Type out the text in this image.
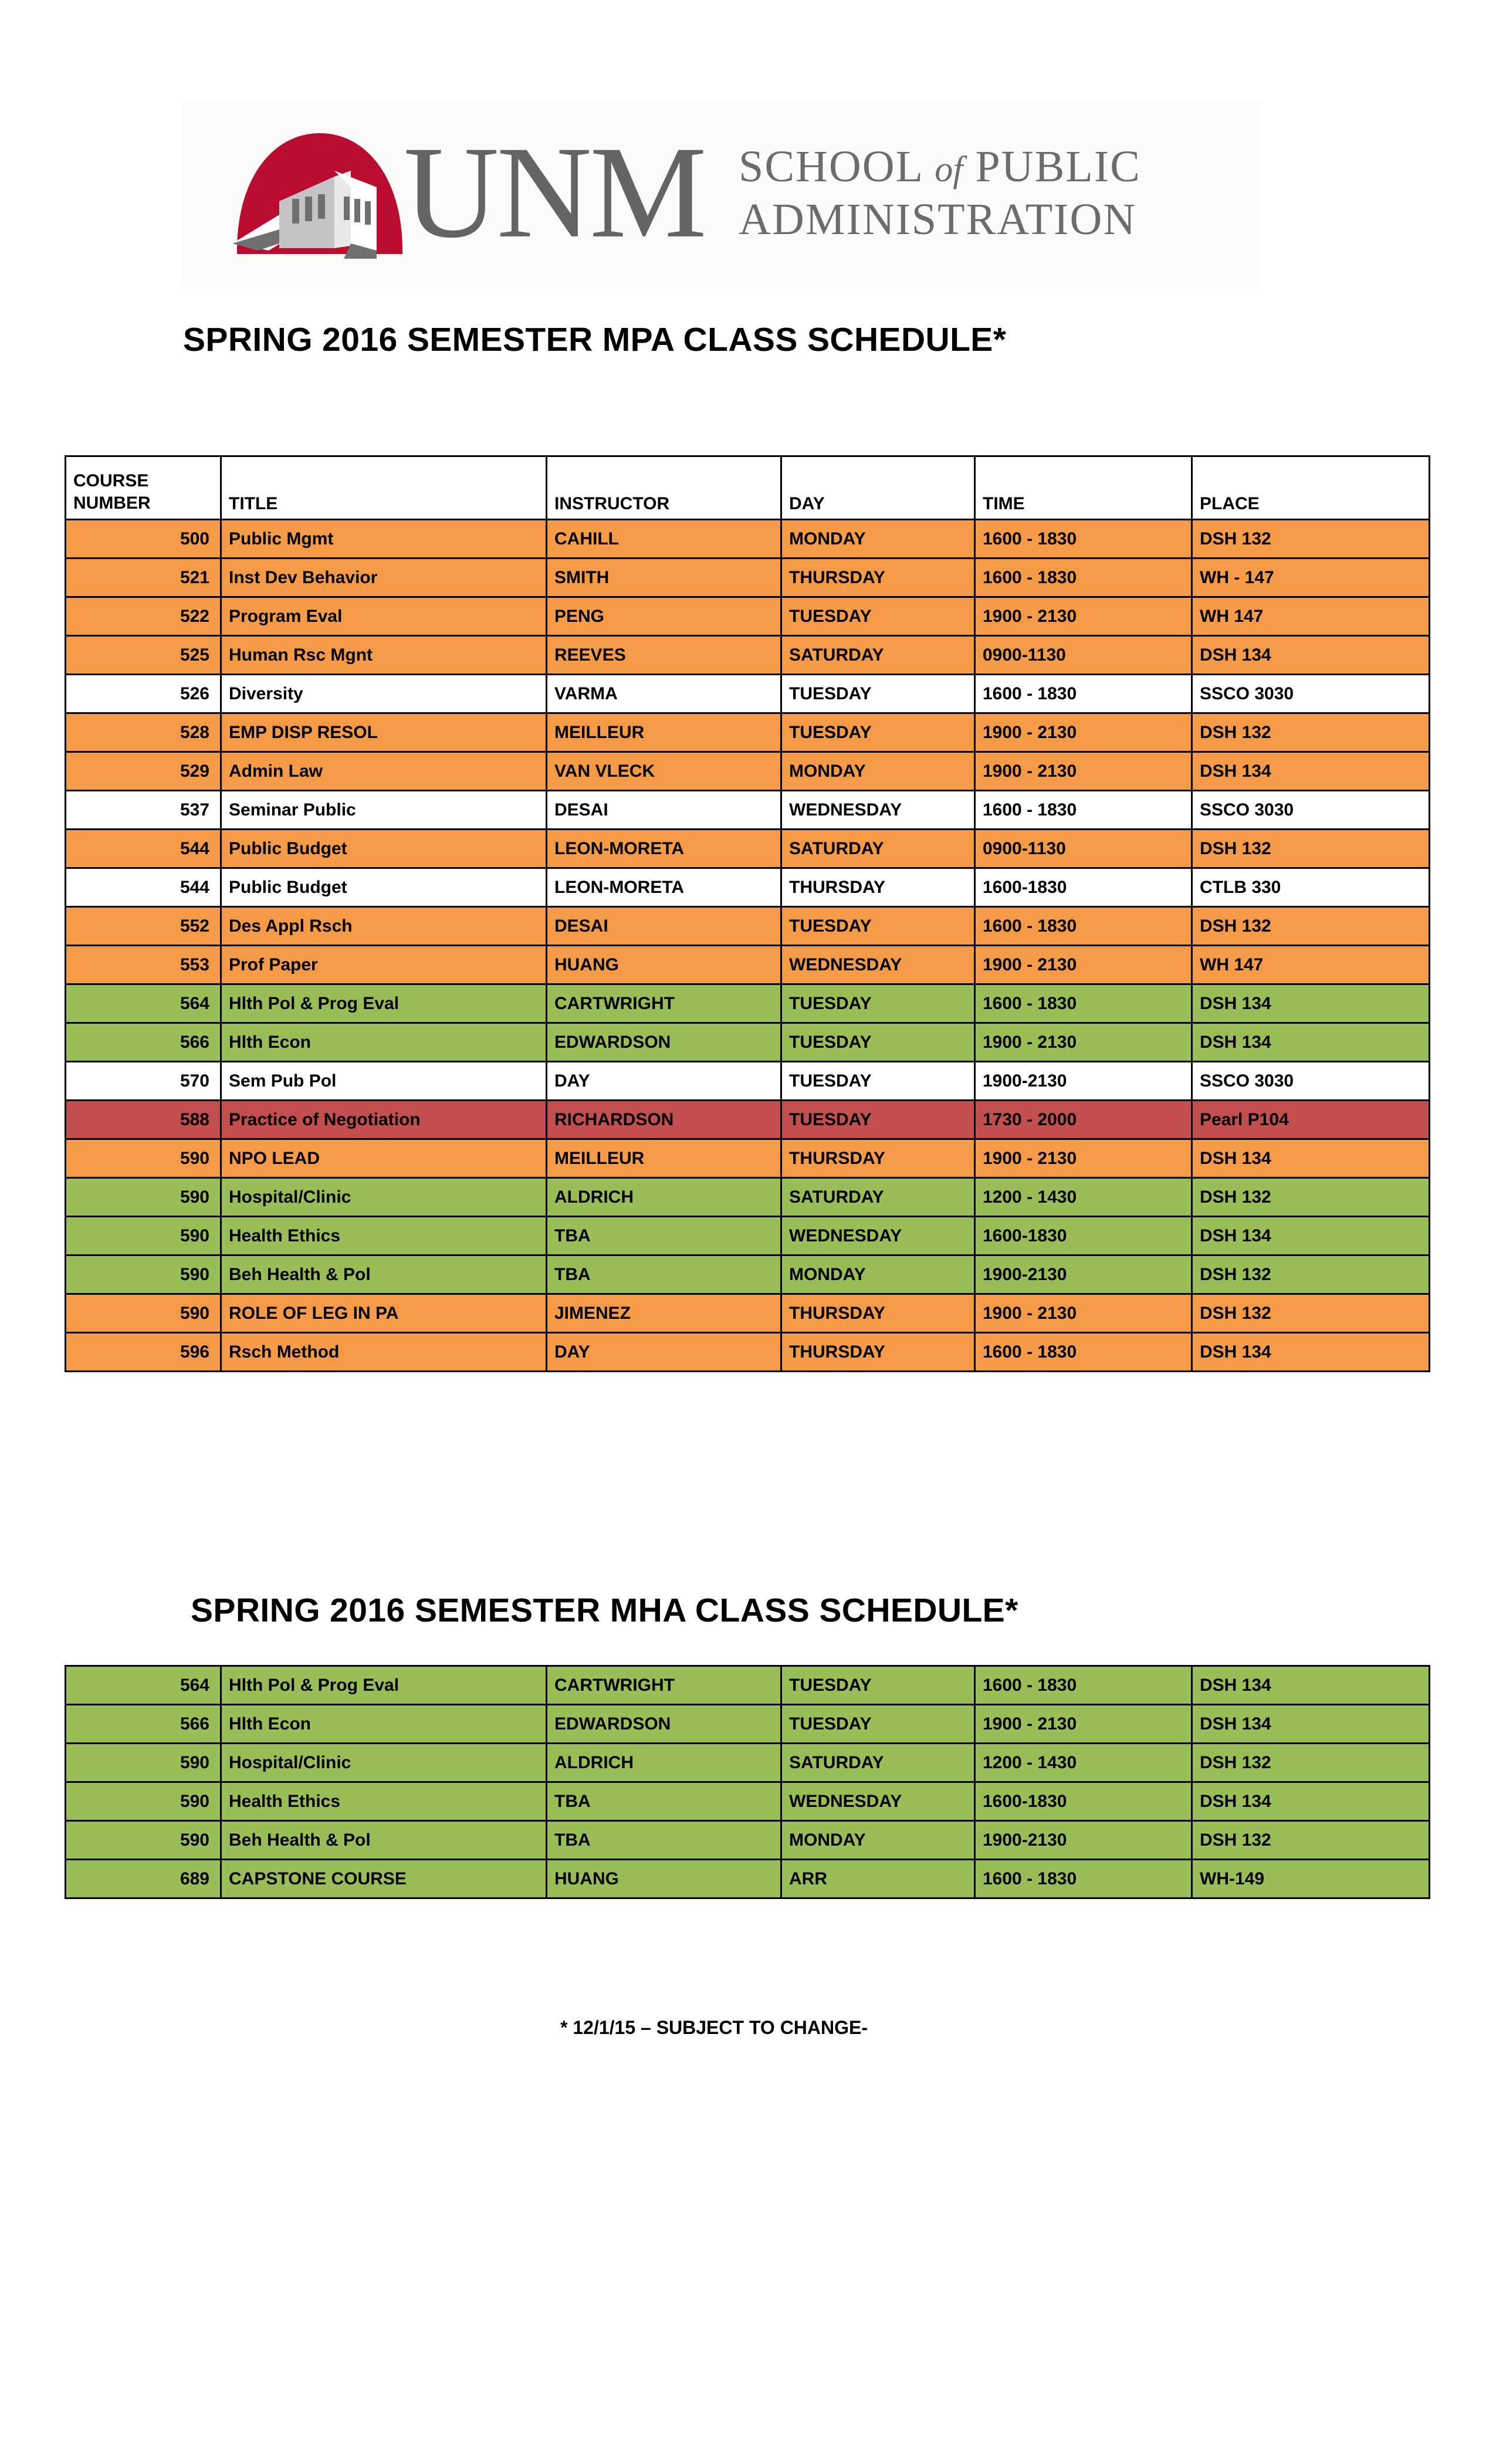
UNM SCHOOL of PUBLIC
ADMINISTRATION
SPRING 2016 SEMESTER MPA CLASS SCHEDULE*
COURSE
NUMBER	TITLE	INSTRUCTOR	DAY	TIME	PLACE
500	Public Mgmt	CAHILL	MONDAY	1600 - 1830	DSH 132
521	Inst Dev Behavior	SMITH	THURSDAY	1600 - 1830	WH - 147
522	Program Eval	PENG	TUESDAY	1900 - 2130	WH 147
525	Human Rsc Mgnt	REEVES	SATURDAY	0900-1130	DSH 134
526	Diversity	VARMA	TUESDAY	1600 - 1830	SSCO 3030
528	EMP DISP RESOL	MEILLEUR	TUESDAY	1900 - 2130	DSH 132
529	Admin Law	VAN VLECK	MONDAY	1900 - 2130	DSH 134
537	Seminar Public	DESAI	WEDNESDAY	1600 - 1830	SSCO 3030
544	Public Budget	LEON-MORETA	SATURDAY	0900-1130	DSH 132
544	Public Budget	LEON-MORETA	THURSDAY	1600-1830	CTLB 330
552	Des Appl Rsch	DESAI	TUESDAY	1600 - 1830	DSH 132
553	Prof Paper	HUANG	WEDNESDAY	1900 - 2130	WH 147
564	Hlth Pol & Prog Eval	CARTWRIGHT	TUESDAY	1600 - 1830	DSH 134
566	Hlth Econ	EDWARDSON	TUESDAY	1900 - 2130	DSH 134
570	Sem Pub Pol	DAY	TUESDAY	1900-2130	SSCO 3030
588	Practice of Negotiation	RICHARDSON	TUESDAY	1730 - 2000	Pearl P104
590	NPO LEAD	MEILLEUR	THURSDAY	1900 - 2130	DSH 134
590	Hospital/Clinic	ALDRICH	SATURDAY	1200 - 1430	DSH 132
590	Health Ethics	TBA	WEDNESDAY	1600-1830	DSH 134
590	Beh Health & Pol	TBA	MONDAY	1900-2130	DSH 132
590	ROLE OF LEG IN PA	JIMENEZ	THURSDAY	1900 - 2130	DSH 132
596	Rsch Method	DAY	THURSDAY	1600 - 1830	DSH 134
SPRING 2016 SEMESTER MHA CLASS SCHEDULE*
564	Hlth Pol & Prog Eval	CARTWRIGHT	TUESDAY	1600 - 1830	DSH 134
566	Hlth Econ	EDWARDSON	TUESDAY	1900 - 2130	DSH 134
590	Hospital/Clinic	ALDRICH	SATURDAY	1200 - 1430	DSH 132
590	Health Ethics	TBA	WEDNESDAY	1600-1830	DSH 134
590	Beh Health & Pol	TBA	MONDAY	1900-2130	DSH 132
689	CAPSTONE COURSE	HUANG	ARR	1600 - 1830	WH-149
* 12/1/15 – SUBJECT TO CHANGE-
